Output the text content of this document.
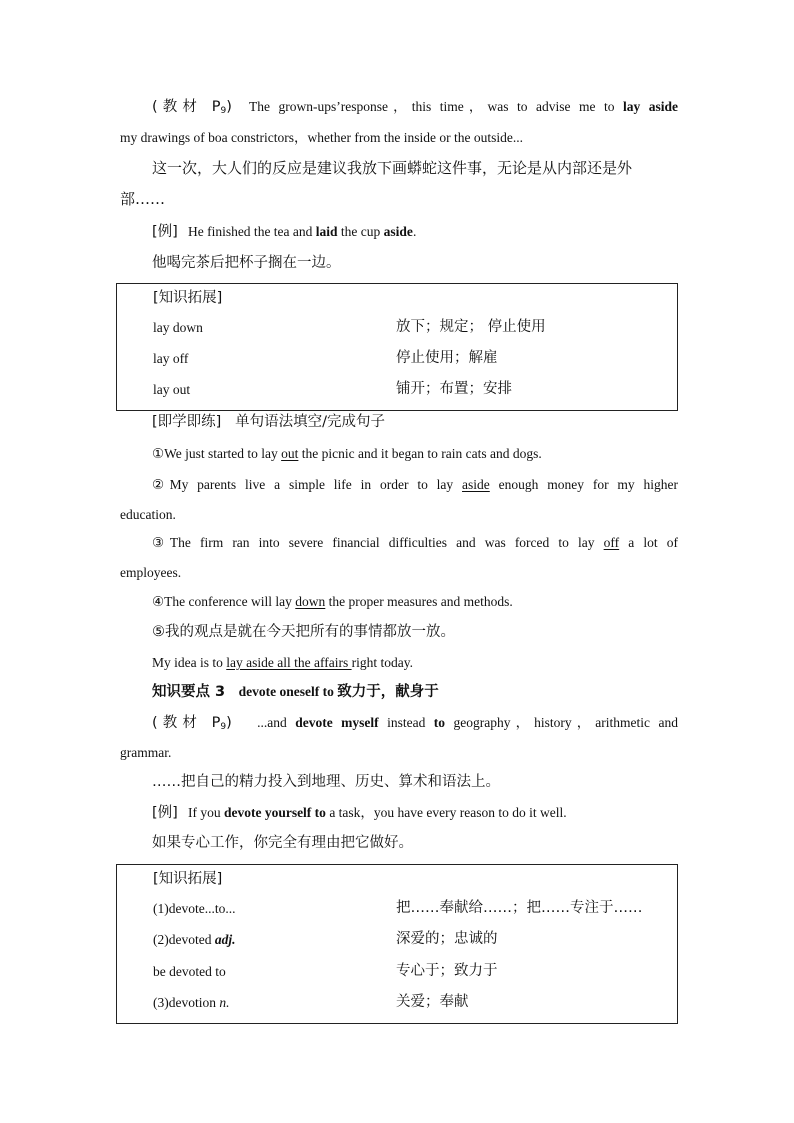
(教材 $P_9$) The grown-ups’response，this time，was to advise me to lay aside
my drawings of boa constrictors，whether from the inside or the outside...
这一次，大人们的反应是建议我放下画蟒蛇这件事，无论是从内部还是外
部……
[例] He finished the tea and laid the cup aside.
他喝完茶后把杯子搁在一边。
[知识拓展]
lay down	放下；规定； 停止使用
lay off	停止使用；解雇
lay out	铺开；布置；安排
[即学即练] 单句语法填空/完成句子
①We just started to lay out the picnic and it began to rain cats and dogs.
②My parents live a simple life in order to lay aside enough money for my higher
education.
③The firm ran into severe financial difficulties and was forced to lay off a lot of
employees.
④The conference will lay down the proper measures and methods.
⑤我的观点是就在今天把所有的事情都放一放。
My idea is to lay aside all the affairs right today.
知识要点 3 devote oneself to 致力于，献身于
(教材 $P_9$) ...and devote myself instead to geography，history，arithmetic and
grammar.
……把自己的精力投入到地理、历史、算术和语法上。
[例] If you devote yourself to a task，you have every reason to do it well.
如果专心工作，你完全有理由把它做好。
[知识拓展]
(1)devote...to...	把……奉献给……；把……专注于……
(2)devoted adj.	深爱的；忠诚的
be devoted to	专心于；致力于
(3)devotion n.	关爱；奉献
